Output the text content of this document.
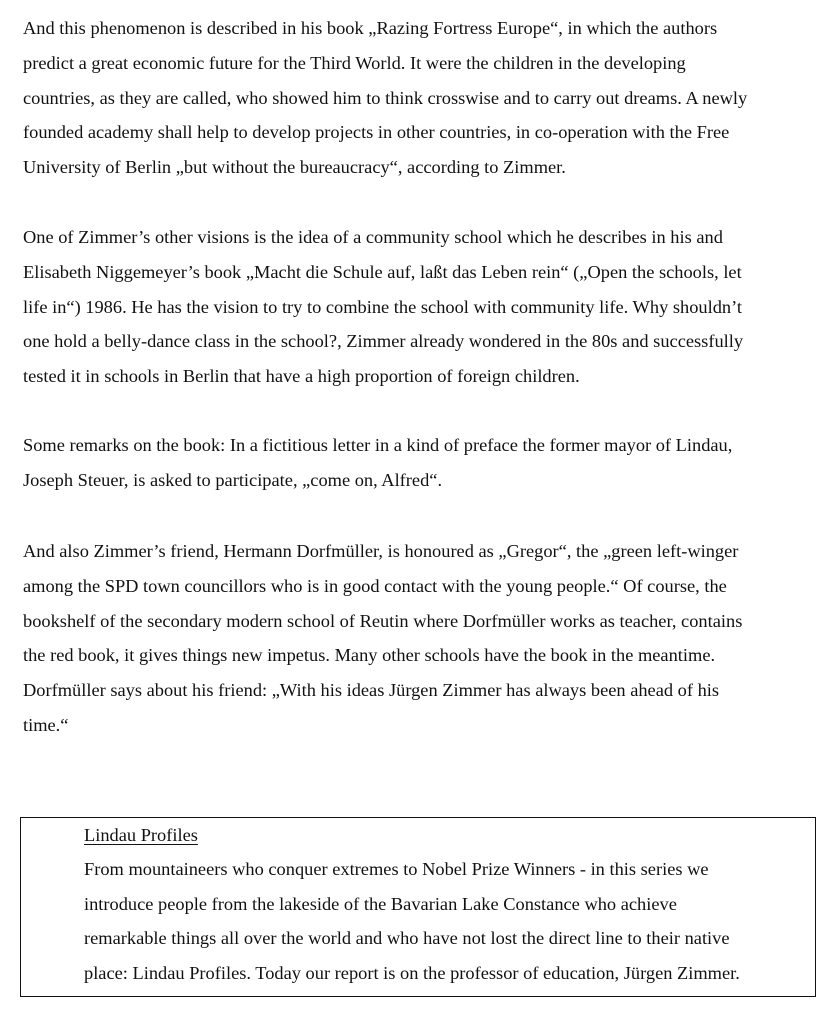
And this phenomenon is described in his book „Razing Fortress Europe“, in which the authors
predict a great economic future for the Third World. It were the children in the developing
countries, as they are called, who showed him to think crosswise and to carry out dreams. A newly
founded academy shall help to develop projects in other countries, in co-operation with the Free
University of Berlin „but without the bureaucracy“, according to Zimmer.

One of Zimmer’s other visions is the idea of a community school which he describes in his and
Elisabeth Niggemeyer’s book „Macht die Schule auf, laßt das Leben rein“ („Open the schools, let
life in“) 1986. He has the vision to try to combine the school with community life. Why shouldn’t
one hold a belly-dance class in the school?, Zimmer already wondered in the 80s and successfully
tested it in schools in Berlin that have a high proportion of foreign children.

Some remarks on the book: In a fictitious letter in a kind of preface the former mayor of Lindau,
Joseph Steuer, is asked to participate, „come on, Alfred“.

And also Zimmer’s friend, Hermann Dorfmüller, is honoured as „Gregor“, the „green left-winger
among the SPD town councillors who is in good contact with the young people.“ Of course, the
bookshelf of the secondary modern school of Reutin where Dorfmüller works as teacher, contains
the red book, it gives things new impetus. Many other schools have the book in the meantime.
Dorfmüller says about his friend: „With his ideas Jürgen Zimmer has always been ahead of his
time.“

Lindau Profiles

From mountaineers who conquer extremes to Nobel Prize Winners - in this series we
introduce people from the lakeside of the Bavarian Lake Constance who achieve
remarkable things all over the world and who have not lost the direct line to their native
place: Lindau Profiles. Today our report is on the professor of education, Jürgen Zimmer.
